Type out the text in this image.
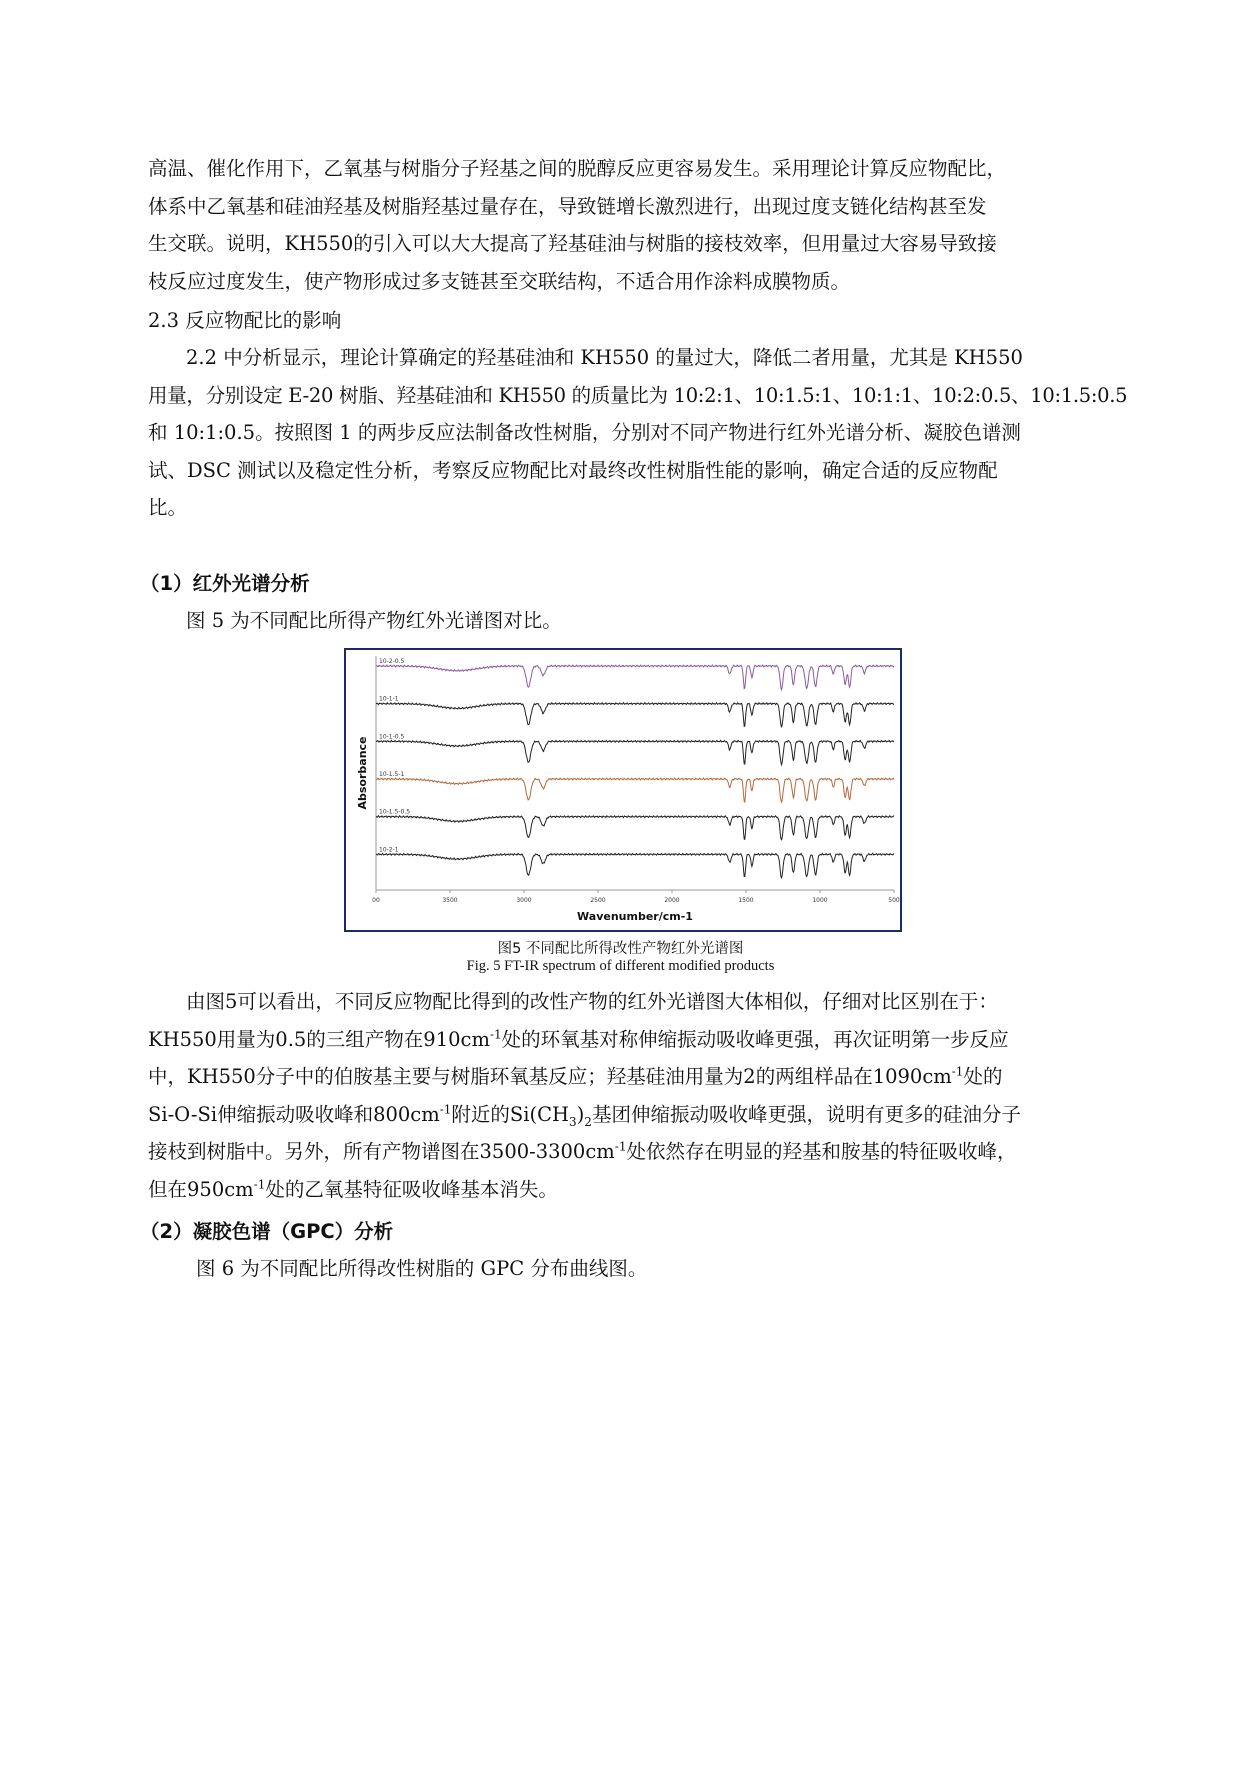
高温、催化作用下，乙氧基与树脂分子羟基之间的脱醇反应更容易发生。采用理论计算反应物配比，
体系中乙氧基和硅油羟基及树脂羟基过量存在，导致链增长激烈进行，出现过度支链化结构甚至发
生交联。说明，KH550的引入可以大大提高了羟基硅油与树脂的接枝效率，但用量过大容易导致接
枝反应过度发生，使产物形成过多支链甚至交联结构，不适合用作涂料成膜物质。

2.3 反应物配比的影响

2.2 中分析显示，理论计算确定的羟基硅油和 KH550 的量过大，降低二者用量，尤其是 KH550
用量，分别设定 E-20 树脂、羟基硅油和 KH550 的质量比为 10:2:1、10:1.5:1、10:1:1、10:2:0.5、10:1.5:0.5
和 10:1:0.5。按照图 1 的两步反应法制备改性树脂，分别对不同产物进行红外光谱分析、凝胶色谱测
试、DSC 测试以及稳定性分析，考察反应物配比对最终改性树脂性能的影响，确定合适的反应物配
比。

（1）红外光谱分析

图 5 为不同配比所得产物红外光谱图对比。

00	3500	3000	2500	2000	1500	1000	500
Wavenumber/cm-1
Absorbance
10-2-0.5
10-1-1
10-1-0.5
10-1.5-1
10-1.5-0.5
10-2-1

图5 不同配比所得改性产物红外光谱图

Fig. 5 FT-IR spectrum of different modified products

由图5可以看出，不同反应物配比得到的改性产物的红外光谱图大体相似，仔细对比区别在于：
KH550用量为0.5的三组产物在$910cm^{-1}$处的环氧基对称伸缩振动吸收峰更强，再次证明第一步反应
中，KH550分子中的伯胺基主要与树脂环氧基反应；羟基硅油用量为2的两组样品在$1090cm^{-1}$处的
Si-O-Si伸缩振动吸收峰和$800cm^{-1}$附近的$Si(CH_3)_2$基团伸缩振动吸收峰更强，说明有更多的硅油分子
接枝到树脂中。另外，所有产物谱图在$3500-3300cm^{-1}$处依然存在明显的羟基和胺基的特征吸收峰，
但在$950cm^{-1}$处的乙氧基特征吸收峰基本消失。

（2）凝胶色谱（GPC）分析

图 6 为不同配比所得改性树脂的 GPC 分布曲线图。
